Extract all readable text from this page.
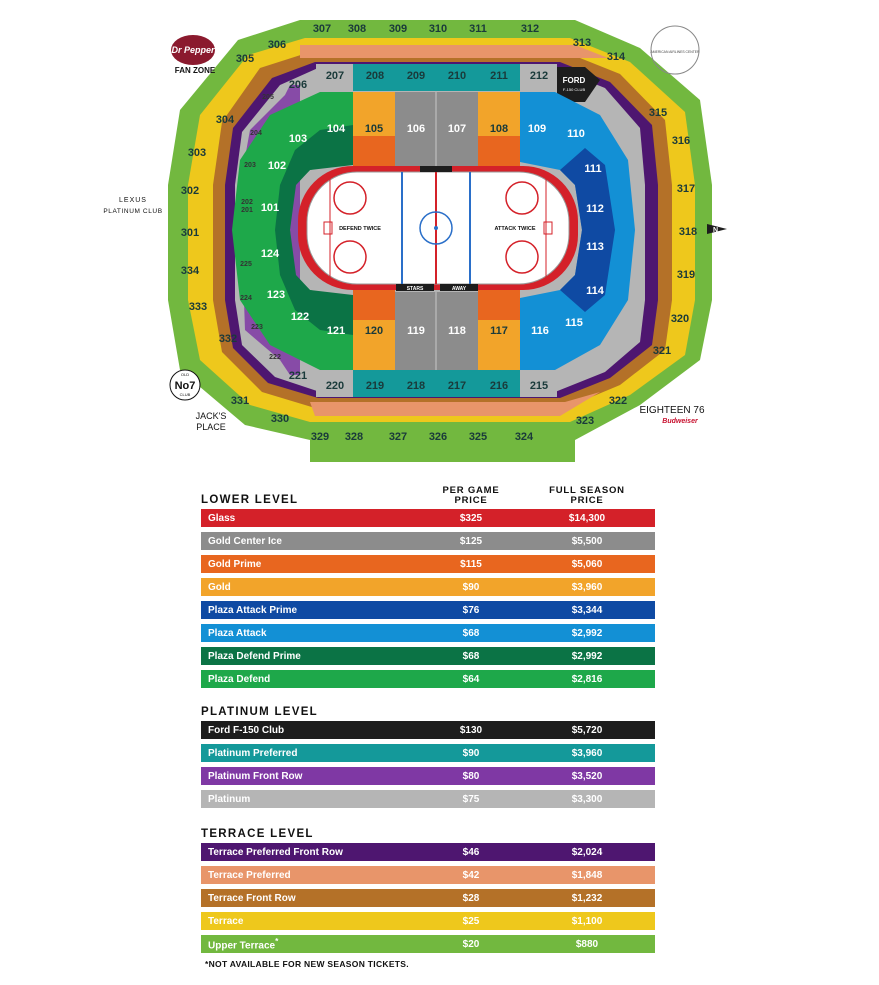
STARS	AWAY
DEFEND TWICE	ATTACK TWICE
101
102
103
104 105 106 107 108 109 110
111
112
113
114
115
116
117
118
119
120
121
122
123
124
201
202
203
204
205
206
207 208 209 210 211 212
215
216
217
218
219
220
221
222
223
224
225
301
302
303
304
305
306
307 308 309 310 311	312
313
314
315
316
317
318
319
320
321
322
323
324
325
326
327
328
329
330
331
332
333
334
Dr Pepper
FAN ZONE
LEXUS
PLATINUM CLUB
AMERICAN AIRLINES CENTER
N
FORD
F-150 CLUB
OLD
No7
CLUB
JACK'S
PLACE
EIGHTEEN 76
Budweiser
LOWER LEVEL
PER GAME
PRICE
FULL SEASON
PRICE
Glass	$325	$14,300
Gold Center Ice	$125	$5,500
Gold Prime	$115	$5,060
Gold	$90	$3,960
Plaza Attack Prime	$76	$3,344
Plaza Attack	$68	$2,992
Plaza Defend Prime	$68	$2,992
Plaza Defend	$64	$2,816
PLATINUM LEVEL
Ford F-150 Club	$130	$5,720
Platinum Preferred	$90	$3,960
Platinum Front Row	$80	$3,520
Platinum	$75	$3,300
TERRACE LEVEL
Terrace Preferred Front Row	$46	$2,024
Terrace Preferred	$42	$1,848
Terrace Front Row	$28	$1,232
Terrace	$25	$1,100
Upper Terrace*	$20	$880
*NOT AVAILABLE FOR NEW SEASON TICKETS.
